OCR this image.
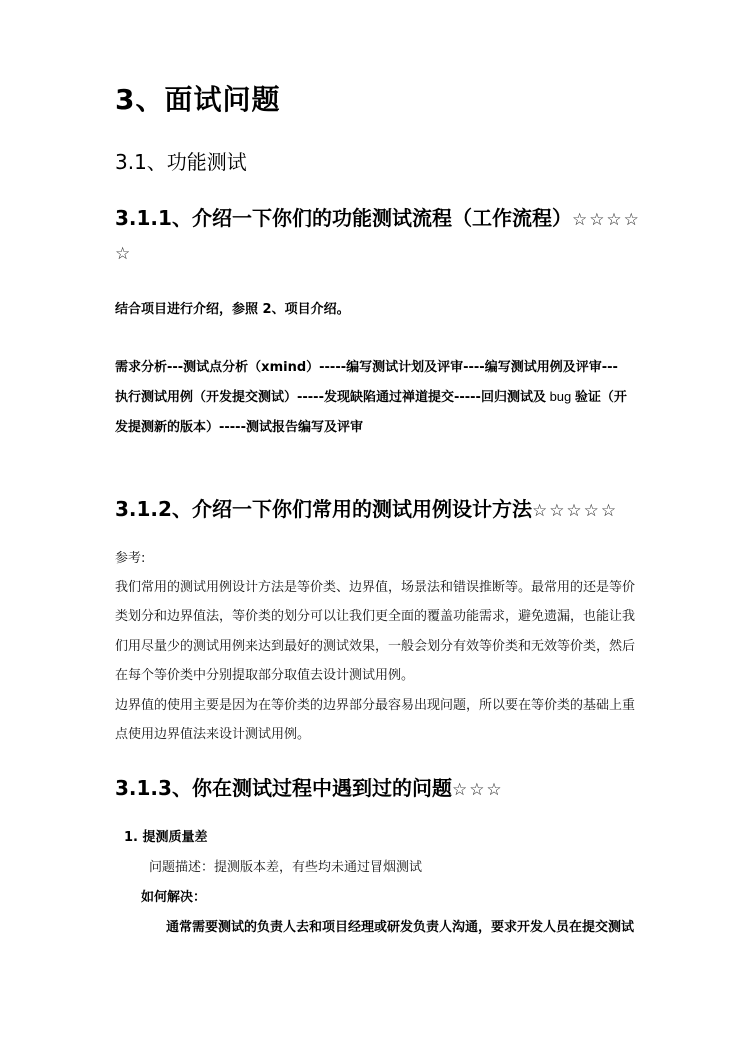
3、面试问题
3.1、功能测试
3.1.1、介绍一下你们的功能测试流程（工作流程）☆☆☆☆
☆
结合项目进行介绍，参照 2、项目介绍。
需求分析---测试点分析（xmind）-----编写测试计划及评审----编写测试用例及评审---
执行测试用例（开发提交测试）-----发现缺陷通过禅道提交-----回归测试及 bug 验证（开
发提测新的版本）-----测试报告编写及评审
3.1.2、介绍一下你们常用的测试用例设计方法☆☆☆☆☆
参考:
我们常用的测试用例设计方法是等价类、边界值，场景法和错误推断等。最常用的还是等价
类划分和边界值法，等价类的划分可以让我们更全面的覆盖功能需求，避免遗漏，也能让我
们用尽量少的测试用例来达到最好的测试效果，一般会划分有效等价类和无效等价类，然后
在每个等价类中分别提取部分取值去设计测试用例。
边界值的使用主要是因为在等价类的边界部分最容易出现问题，所以要在等价类的基础上重
点使用边界值法来设计测试用例。
3.1.3、你在测试过程中遇到过的问题☆☆☆
1. 提测质量差
问题描述：提测版本差，有些均未通过冒烟测试
如何解决：
通常需要测试的负责人去和项目经理或研发负责人沟通，要求开发人员在提交测试
